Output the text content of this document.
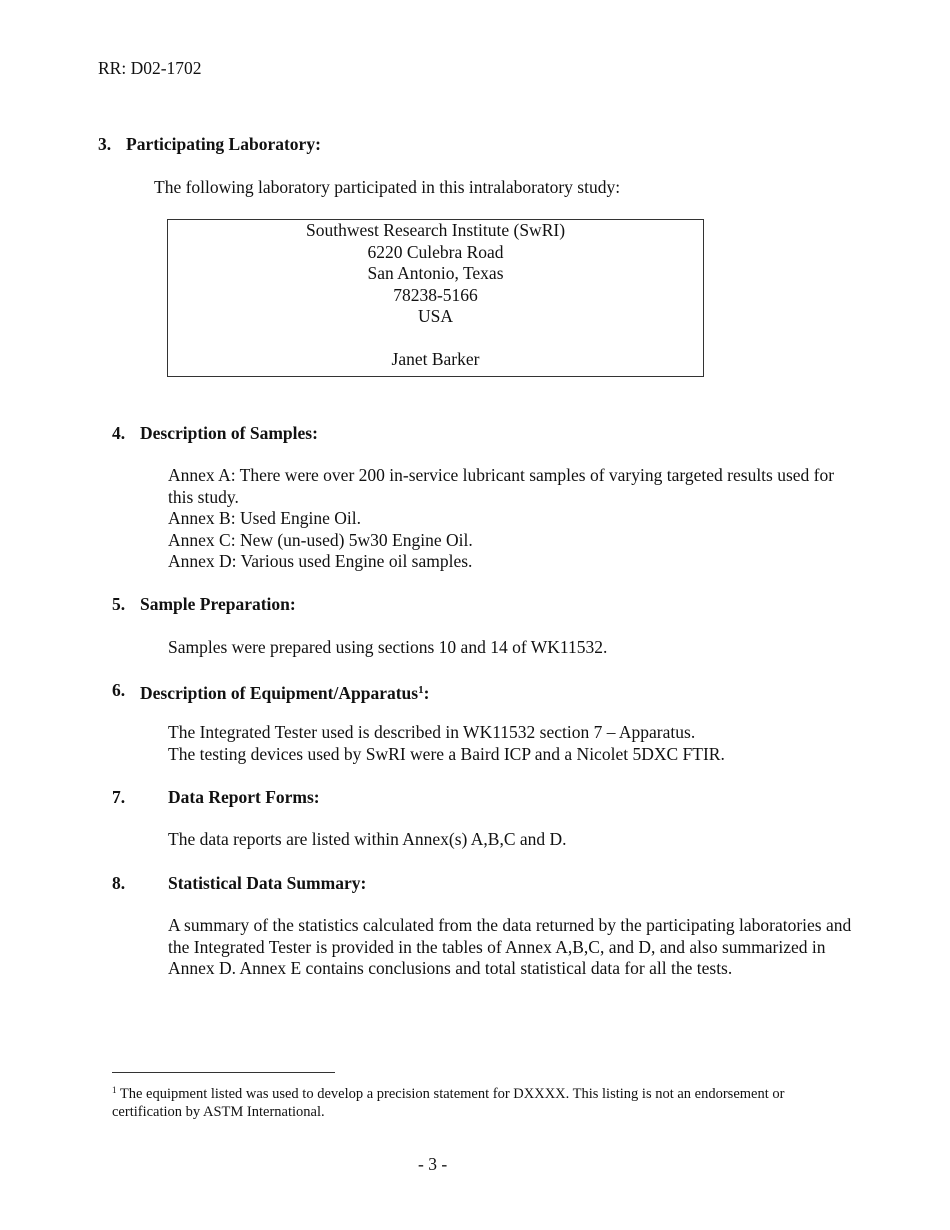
RR: D02-1702
3. Participating Laboratory:
The following laboratory participated in this intralaboratory study:
Southwest Research Institute (SwRI)
6220 Culebra Road
San Antonio, Texas
78238-5166
USA
Janet Barker
4. Description of Samples:
Annex A: There were over 200 in-service lubricant samples of varying targeted results used for
this study.
Annex B: Used Engine Oil.
Annex C: New (un-used) 5w30 Engine Oil.
Annex D: Various used Engine oil samples.
5. Sample Preparation:
Samples were prepared using sections 10 and 14 of WK11532.
6. Description of Equipment/Apparatus$^1$:
The Integrated Tester used is described in WK11532 section 7 – Apparatus.
The testing devices used by SwRI were a Baird ICP and a Nicolet 5DXC FTIR.
7. Data Report Forms:
The data reports are listed within Annex(s) A,B,C and D.
8. Statistical Data Summary:
A summary of the statistics calculated from the data returned by the participating laboratories and
the Integrated Tester is provided in the tables of Annex A,B,C, and D, and also summarized in
Annex D. Annex E contains conclusions and total statistical data for all the tests.
$^1$ The equipment listed was used to develop a precision statement for DXXXX. This listing is not an endorsement or
certification by ASTM International.
- 3 -
